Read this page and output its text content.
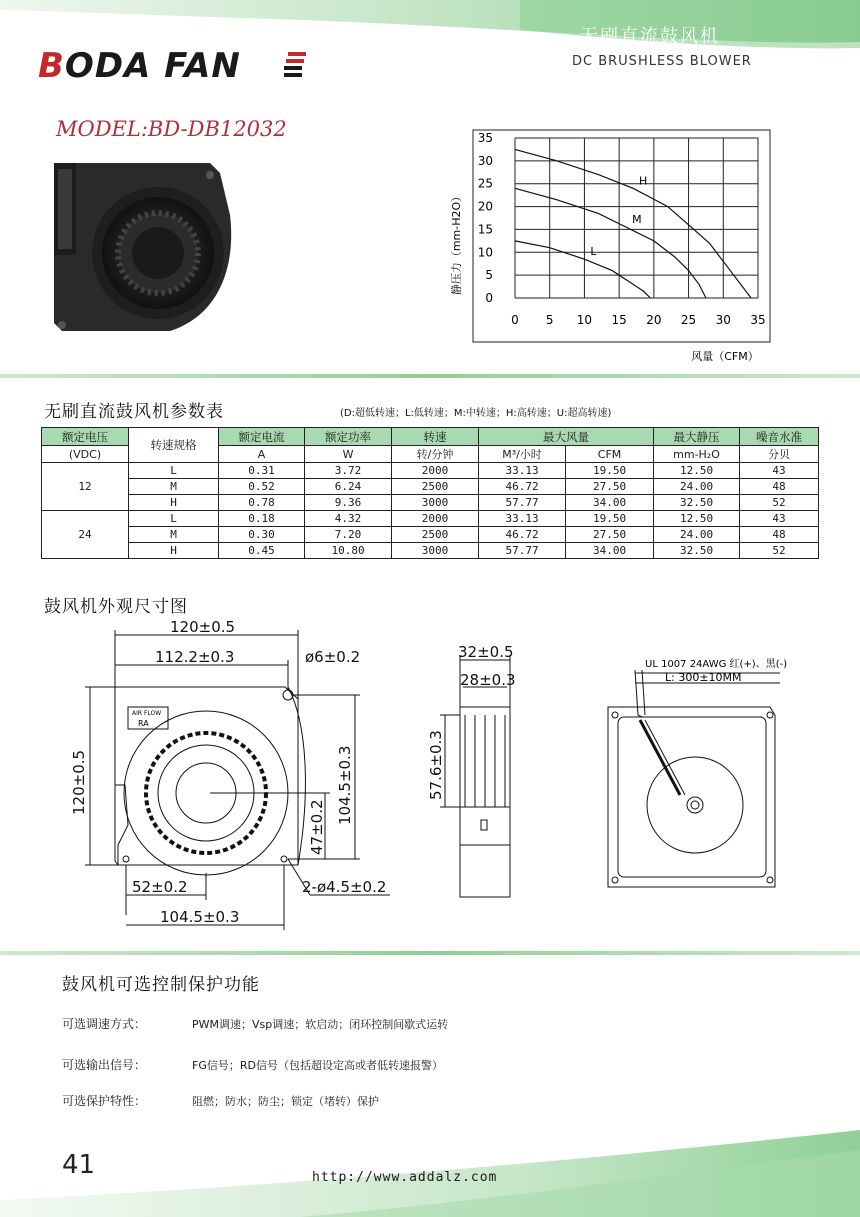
无刷直流鼓风机
DC BRUSHLESS BLOWER
BODA FAN
MODEL:BD-DB12032
0 5 10 15 20 25 30 35
35
30
25
20
15
10
5
0
H
M
L
静压力（mm-H2O）
风量（CFM）
无刷直流鼓风机参数表	(D:超低转速；L:低转速；M:中转速；H:高转速；U:超高转速)
额定电压	转速规格	额定电流	额定功率	转速	最大风量		最大静压	噪音水准
(VDC)		A	W	转/分钟	M³/小时	CFM	mm-H₂O	分贝
12	L	0.31	3.72	2000	33.13	19.50	12.50	43
	M	0.52	6.24	2500	46.72	27.50	24.00	48
	H	0.78	9.36	3000	57.77	34.00	32.50	52
24	L	0.18	4.32	2000	33.13	19.50	12.50	43
	M	0.30	7.20	2500	46.72	27.50	24.00	48
	H	0.45	10.80	3000	57.77	34.00	32.50	52
鼓风机外观尺寸图
AIR FLOW
RA
120±0.5
112.2±0.3	ø6±0.2
120±0.5	104.5±0.3
47±0.2
52±0.2	2-ø4.5±0.2
104.5±0.3
32±0.5
28±0.3
57.6±0.3
UL 1007 24AWG 红(+)、黑(-)
L: 300±10MM
鼓风机可选控制保护功能
可选调速方式：	PWM调速；Vsp调速；软启动；闭环控制间歇式运转
可选输出信号：	FG信号；RD信号（包括超设定高或者低转速报警）
可选保护特性：	阻燃；防水；防尘；锁定（堵转）保护
41	http://www.addalz.com
